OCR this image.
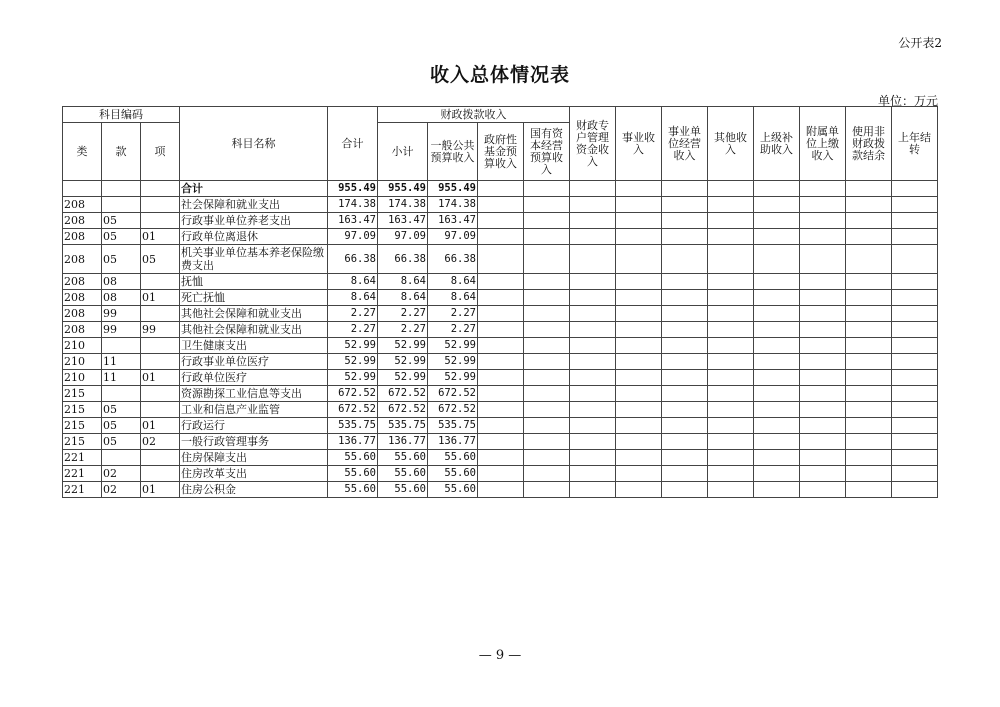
公开表2
收入总体情况表
单位：万元
科目编码			科目名称	合计	财政拨款收入				财政专户管理资金收入	事业收入	事业单位经营收入	其他收入	上级补助收入	附属单位上缴收入	使用非财政拨款结余	上年结转
类	款	项			小计	一般公共预算收入	政府性基金预算收入	国有资本经营预算收入								
			合计	955.49	955.49	955.49										
208			社会保障和就业支出	174.38	174.38	174.38										
208	05		行政事业单位养老支出	163.47	163.47	163.47										
208	05	01	行政单位离退休	97.09	97.09	97.09										
208	05	05	机关事业单位基本养老保险缴费支出	66.38	66.38	66.38										
208	08		抚恤	8.64	8.64	8.64										
208	08	01	死亡抚恤	8.64	8.64	8.64										
208	99		其他社会保障和就业支出	2.27	2.27	2.27										
208	99	99	其他社会保障和就业支出	2.27	2.27	2.27										
210			卫生健康支出	52.99	52.99	52.99										
210	11		行政事业单位医疗	52.99	52.99	52.99										
210	11	01	行政单位医疗	52.99	52.99	52.99										
215			资源勘探工业信息等支出	672.52	672.52	672.52										
215	05		工业和信息产业监管	672.52	672.52	672.52										
215	05	01	行政运行	535.75	535.75	535.75										
215	05	02	一般行政管理事务	136.77	136.77	136.77										
221			住房保障支出	55.60	55.60	55.60										
221	02		住房改革支出	55.60	55.60	55.60										
221	02	01	住房公积金	55.60	55.60	55.60										
— 9 —
